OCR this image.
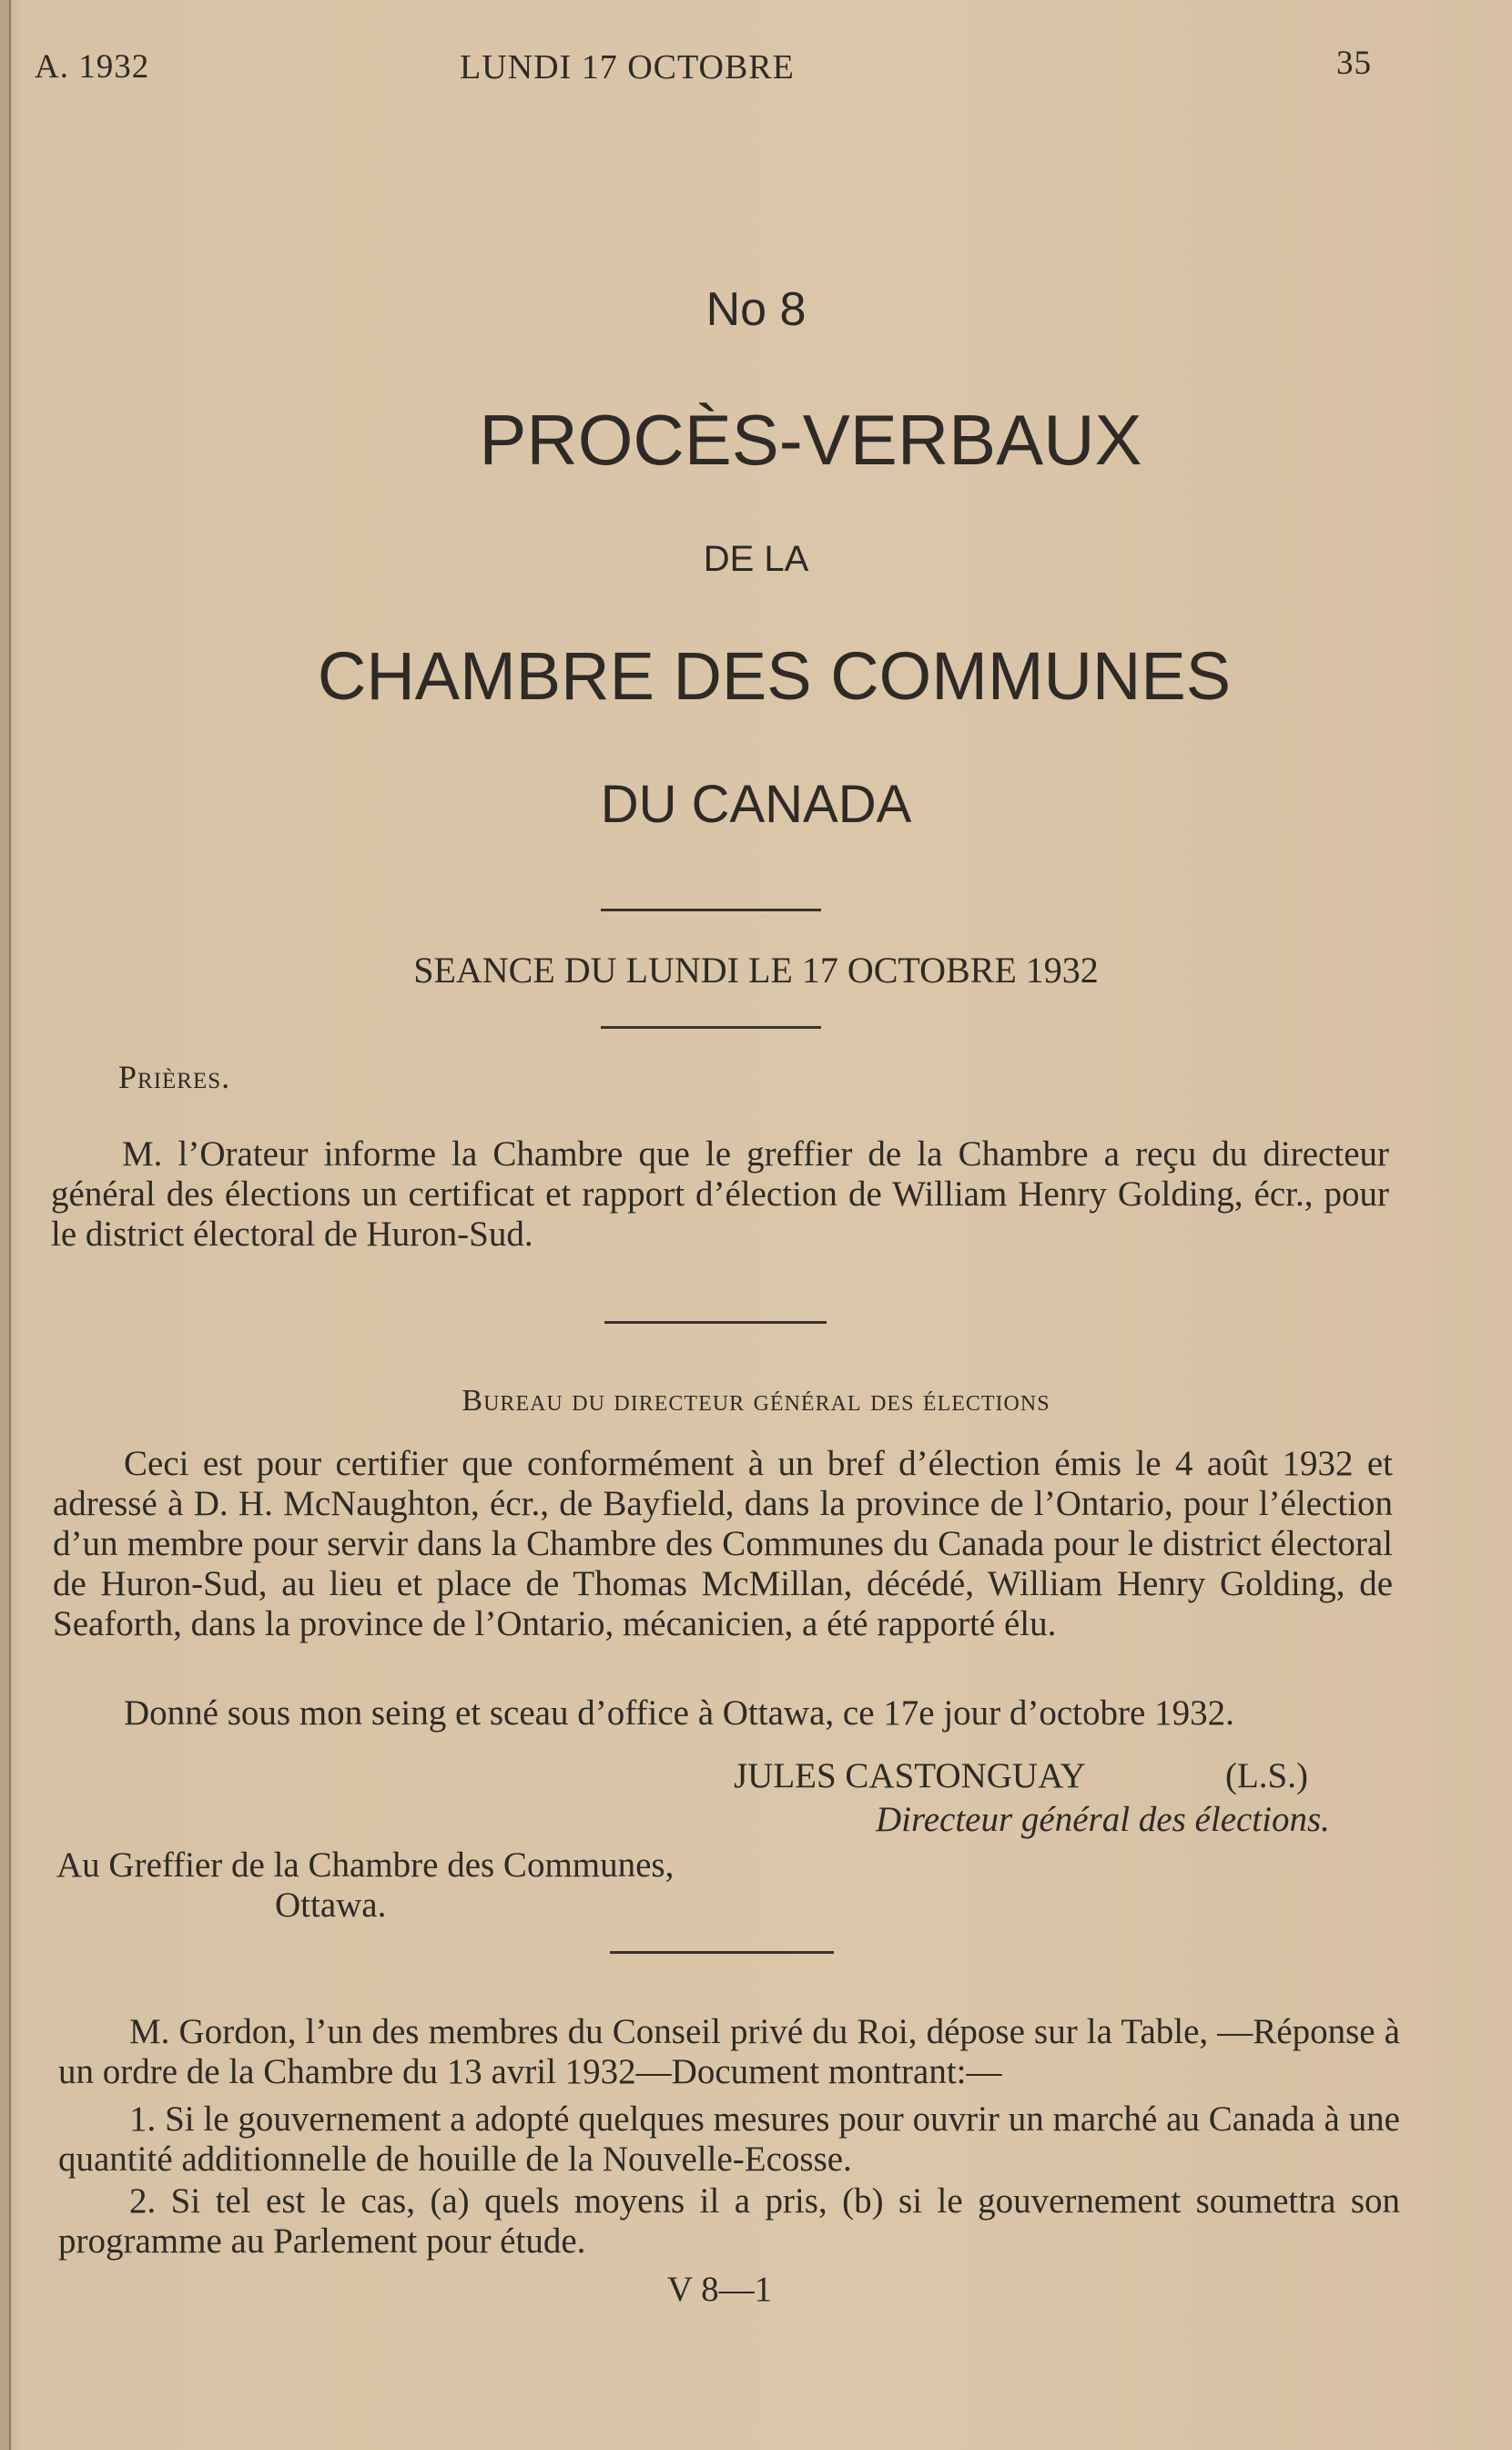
A. 1932	LUNDI 17 OCTOBRE	35

No 8

PROCÈS-VERBAUX

DE LA

CHAMBRE DES COMMUNES

DU CANADA

SEANCE DU LUNDI LE 17 OCTOBRE 1932

Prières.

M. l’Orateur informe la Chambre que le greffier de la Chambre a reçu du directeur général des élections un certificat et rapport d’élection de William Henry Golding, écr., pour le district électoral de Huron-Sud.

Bureau du directeur général des élections

Ceci est pour certifier que conformément à un bref d’élection émis le 4 août 1932 et adressé à D. H. McNaughton, écr., de Bayfield, dans la province de l’Ontario, pour l’élection d’un membre pour servir dans la Chambre des Communes du Canada pour le district électoral de Huron-Sud, au lieu et place de Thomas McMillan, décédé, William Henry Golding, de Seaforth, dans la province de l’Ontario, mécanicien, a été rapporté élu.

Donné sous mon seing et sceau d’office à Ottawa, ce 17e jour d’octobre 1932.

JULES CASTONGUAY	(L.S.)

Directeur général des élections.

Au Greffier de la Chambre des Communes,

Ottawa.

M. Gordon, l’un des membres du Conseil privé du Roi, dépose sur la Table, —Réponse à un ordre de la Chambre du 13 avril 1932—Document montrant:—

1. Si le gouvernement a adopté quelques mesures pour ouvrir un marché au Canada à une quantité additionnelle de houille de la Nouvelle-Ecosse.

2. Si tel est le cas, (a) quels moyens il a pris, (b) si le gouvernement soumettra son programme au Parlement pour étude.

V 8—1
